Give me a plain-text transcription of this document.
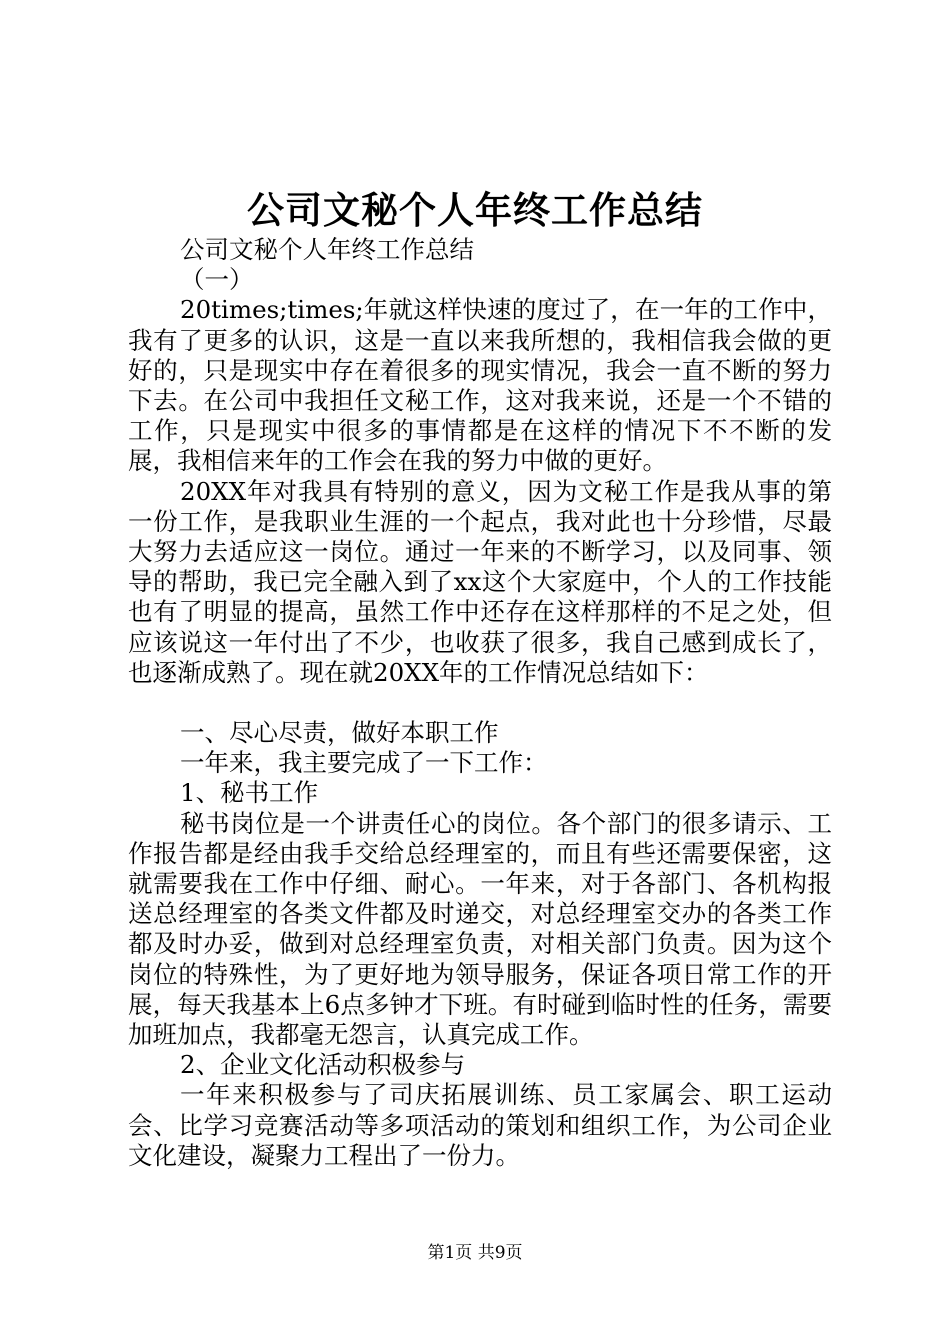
公司文秘个人年终工作总结

公司文秘个人年终工作总结

（一）

20times;times;年就这样快速的度过了，在一年的工作中，我有了更多的认识，这是一直以来我所想的，我相信我会做的更好的，只是现实中存在着很多的现实情况，我会一直不断的努力下去。在公司中我担任文秘工作，这对我来说，还是一个不错的工作，只是现实中很多的事情都是在这样的情况下不不断的发展，我相信来年的工作会在我的努力中做的更好。

20XX年对我具有特别的意义，因为文秘工作是我从事的第一份工作，是我职业生涯的一个起点，我对此也十分珍惜，尽最大努力去适应这一岗位。通过一年来的不断学习，以及同事、领导的帮助，我已完全融入到了xx这个大家庭中，个人的工作技能也有了明显的提高，虽然工作中还存在这样那样的不足之处，但应该说这一年付出了不少，也收获了很多，我自己感到成长了，也逐渐成熟了。现在就20XX年的工作情况总结如下：

一、尽心尽责，做好本职工作

一年来，我主要完成了一下工作：

1、秘书工作

秘书岗位是一个讲责任心的岗位。各个部门的很多请示、工作报告都是经由我手交给总经理室的，而且有些还需要保密，这就需要我在工作中仔细、耐心。一年来，对于各部门、各机构报送总经理室的各类文件都及时递交，对总经理室交办的各类工作都及时办妥，做到对总经理室负责，对相关部门负责。因为这个岗位的特殊性，为了更好地为领导服务，保证各项日常工作的开展，每天我基本上6点多钟才下班。有时碰到临时性的任务，需要加班加点，我都毫无怨言，认真完成工作。

2、企业文化活动积极参与

一年来积极参与了司庆拓展训练、员工家属会、职工运动会、比学习竞赛活动等多项活动的策划和组织工作，为公司企业文化建设，凝聚力工程出了一份力。

第1页 共9页
